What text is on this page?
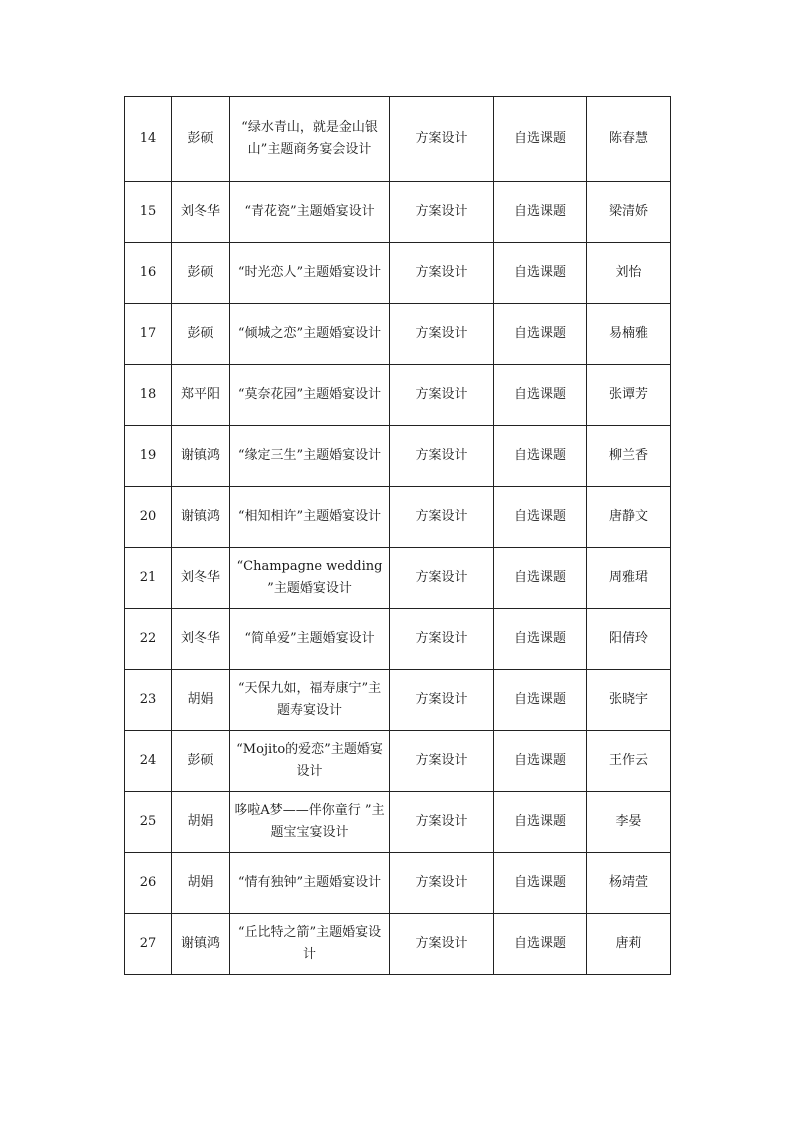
14	彭硕	“绿水青山，就是金山银山”主题商务宴会设计	方案设计	自选课题	陈春慧
15	刘冬华	“青花瓷”主题婚宴设计	方案设计	自选课题	梁清娇
16	彭硕	“时光恋人”主题婚宴设计	方案设计	自选课题	刘怡
17	彭硕	“倾城之恋”主题婚宴设计	方案设计	自选课题	易楠雅
18	郑平阳	“莫奈花园”主题婚宴设计	方案设计	自选课题	张谭芳
19	谢镇鸿	“缘定三生”主题婚宴设计	方案设计	自选课题	柳兰香
20	谢镇鸿	“相知相许”主题婚宴设计	方案设计	自选课题	唐静文
21	刘冬华	“Champagne wedding ”主题婚宴设计	方案设计	自选课题	周雅珺
22	刘冬华	“简单爱”主题婚宴设计	方案设计	自选课题	阳倩玲
23	胡娟	“天保九如，福寿康宁”主题寿宴设计	方案设计	自选课题	张晓宇
24	彭硕	“Mojito的爱恋”主题婚宴设计	方案设计	自选课题	王作云
25	胡娟	哆啦A梦——伴你童行 ”主题宝宝宴设计	方案设计	自选课题	李晏
26	胡娟	“情有独钟”主题婚宴设计	方案设计	自选课题	杨靖萱
27	谢镇鸿	“丘比特之箭”主题婚宴设计	方案设计	自选课题	唐莉
